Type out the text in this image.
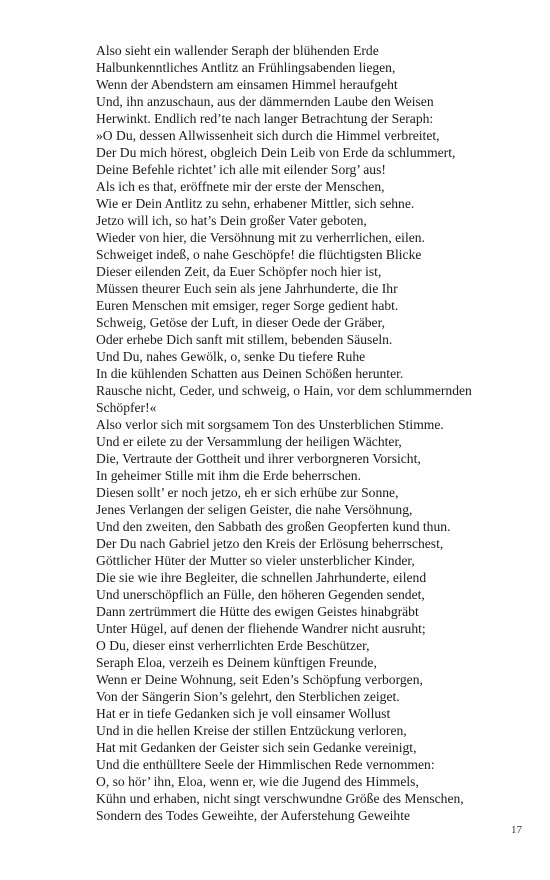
Also sieht ein wallender Seraph der blühenden Erde
Halbunkenntliches Antlitz an Frühlingsabenden liegen,
Wenn der Abendstern am einsamen Himmel heraufgeht
Und, ihn anzuschaun, aus der dämmernden Laube den Weisen
Herwinkt. Endlich red’te nach langer Betrachtung der Seraph:
»O Du, dessen Allwissenheit sich durch die Himmel verbreitet,
Der Du mich hörest, obgleich Dein Leib von Erde da schlummert,
Deine Befehle richtet’ ich alle mit eilender Sorg’ aus!
Als ich es that, eröffnete mir der erste der Menschen,
Wie er Dein Antlitz zu sehn, erhabener Mittler, sich sehne.
Jetzo will ich, so hat’s Dein großer Vater geboten,
Wieder von hier, die Versöhnung mit zu verherrlichen, eilen.
Schweiget indeß, o nahe Geschöpfe! die flüchtigsten Blicke
Dieser eilenden Zeit, da Euer Schöpfer noch hier ist,
Müssen theurer Euch sein als jene Jahrhunderte, die Ihr
Euren Menschen mit emsiger, reger Sorge gedient habt.
Schweig, Getöse der Luft, in dieser Oede der Gräber,
Oder erhebe Dich sanft mit stillem, bebenden Säuseln.
Und Du, nahes Gewölk, o, senke Du tiefere Ruhe
In die kühlenden Schatten aus Deinen Schößen herunter.
Rausche nicht, Ceder, und schweig, o Hain, vor dem schlummernden
Schöpfer!«
Also verlor sich mit sorgsamem Ton des Unsterblichen Stimme.
Und er eilete zu der Versammlung der heiligen Wächter,
Die, Vertraute der Gottheit und ihrer verborgneren Vorsicht,
In geheimer Stille mit ihm die Erde beherrschen.
Diesen sollt’ er noch jetzo, eh er sich erhübe zur Sonne,
Jenes Verlangen der seligen Geister, die nahe Versöhnung,
Und den zweiten, den Sabbath des großen Geopferten kund thun.
Der Du nach Gabriel jetzo den Kreis der Erlösung beherrschest,
Göttlicher Hüter der Mutter so vieler unsterblicher Kinder,
Die sie wie ihre Begleiter, die schnellen Jahrhunderte, eilend
Und unerschöpflich an Fülle, den höheren Gegenden sendet,
Dann zertrümmert die Hütte des ewigen Geistes hinabgräbt
Unter Hügel, auf denen der fliehende Wandrer nicht ausruht;
O Du, dieser einst verherrlichten Erde Beschützer,
Seraph Eloa, verzeih es Deinem künftigen Freunde,
Wenn er Deine Wohnung, seit Eden’s Schöpfung verborgen,
Von der Sängerin Sion’s gelehrt, den Sterblichen zeiget.
Hat er in tiefe Gedanken sich je voll einsamer Wollust
Und in die hellen Kreise der stillen Entzückung verloren,
Hat mit Gedanken der Geister sich sein Gedanke vereinigt,
Und die enthülltere Seele der Himmlischen Rede vernommen:
O, so hör’ ihn, Eloa, wenn er, wie die Jugend des Himmels,
Kühn und erhaben, nicht singt verschwundne Größe des Menschen,
Sondern des Todes Geweihte, der Auferstehung Geweihte
17
